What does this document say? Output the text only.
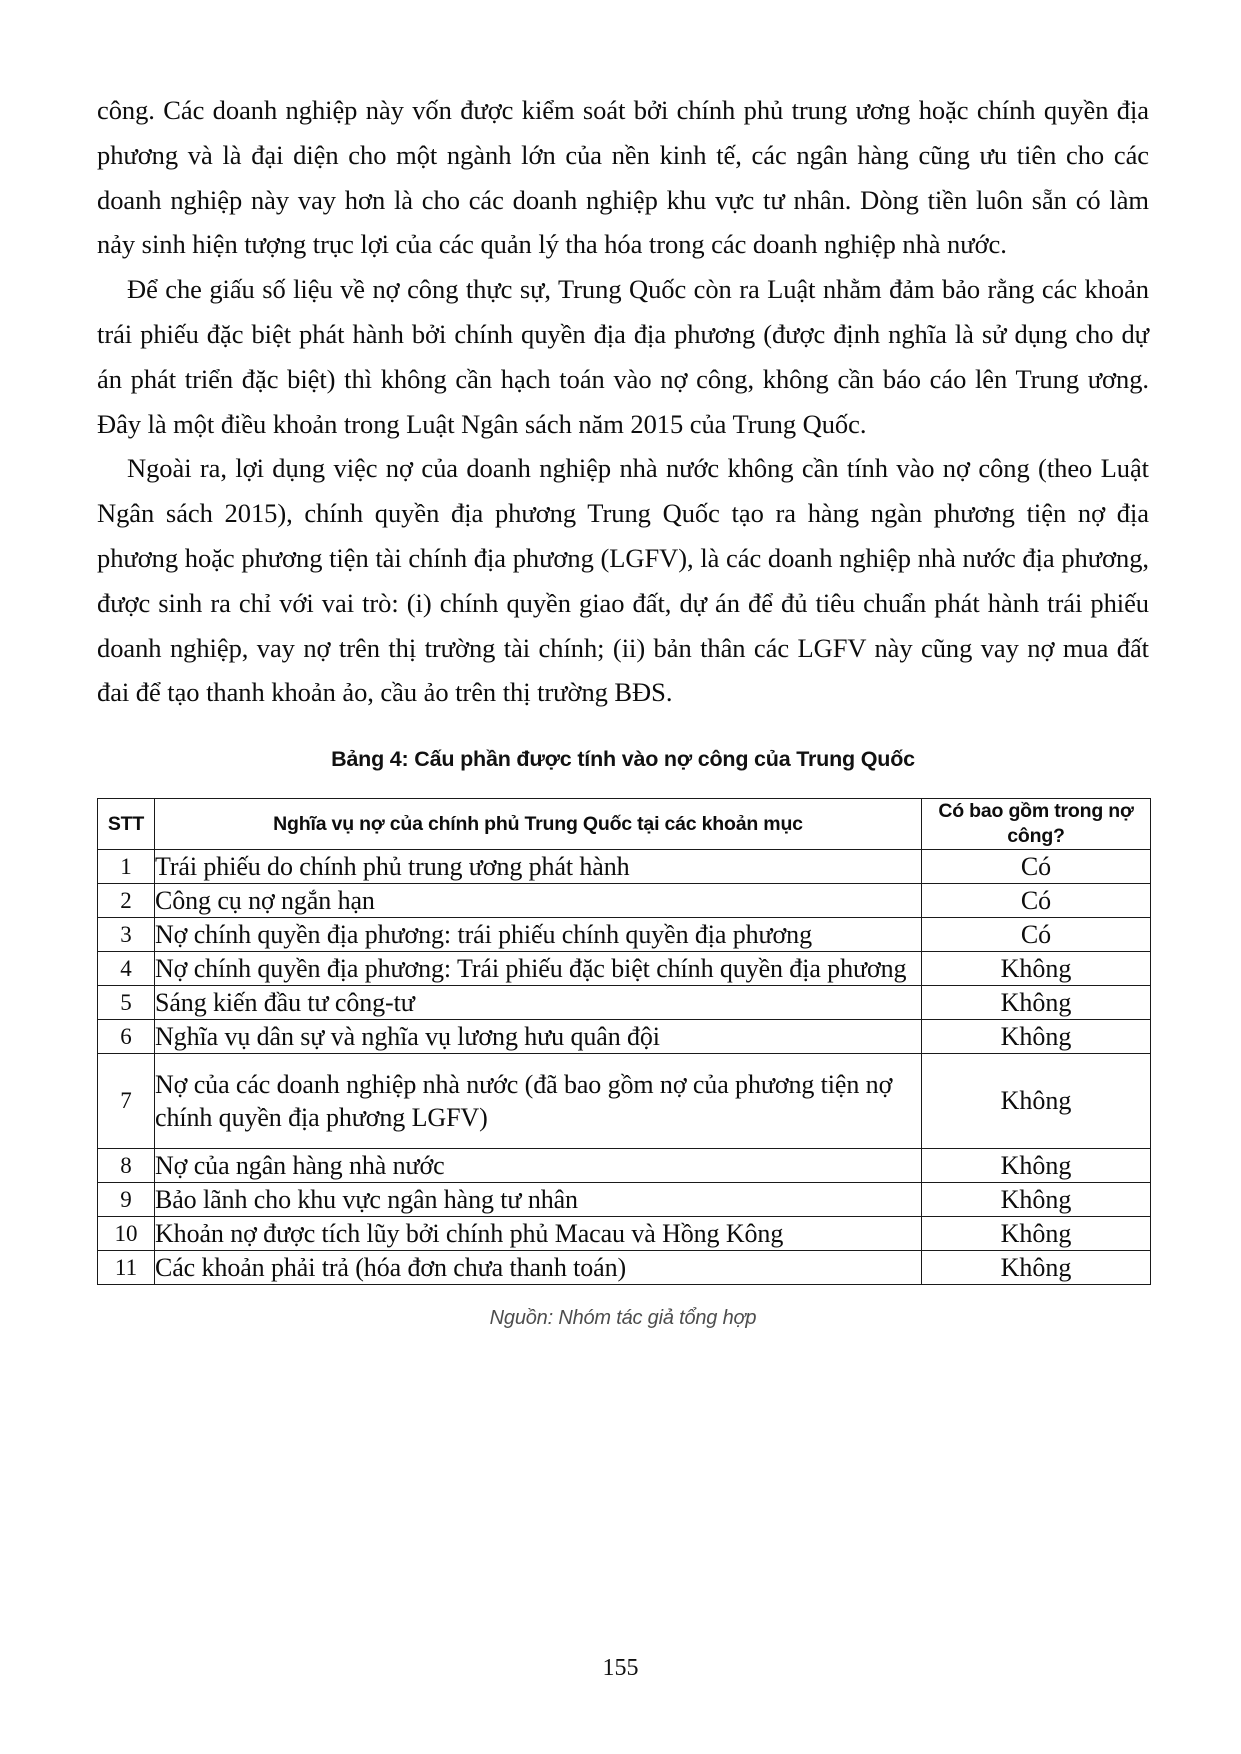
công. Các doanh nghiệp này vốn được kiểm soát bởi chính phủ trung ương hoặc chính quyền địa phương và là đại diện cho một ngành lớn của nền kinh tế, các ngân hàng cũng ưu tiên cho các doanh nghiệp này vay hơn là cho các doanh nghiệp khu vực tư nhân. Dòng tiền luôn sẵn có làm nảy sinh hiện tượng trục lợi của các quản lý tha hóa trong các doanh nghiệp nhà nước.

Để che giấu số liệu về nợ công thực sự, Trung Quốc còn ra Luật nhằm đảm bảo rằng các khoản trái phiếu đặc biệt phát hành bởi chính quyền địa địa phương (được định nghĩa là sử dụng cho dự án phát triển đặc biệt) thì không cần hạch toán vào nợ công, không cần báo cáo lên Trung ương. Đây là một điều khoản trong Luật Ngân sách năm 2015 của Trung Quốc.

Ngoài ra, lợi dụng việc nợ của doanh nghiệp nhà nước không cần tính vào nợ công (theo Luật Ngân sách 2015), chính quyền địa phương Trung Quốc tạo ra hàng ngàn phương tiện nợ địa phương hoặc phương tiện tài chính địa phương (LGFV), là các doanh nghiệp nhà nước địa phương, được sinh ra chỉ với vai trò: (i) chính quyền giao đất, dự án để đủ tiêu chuẩn phát hành trái phiếu doanh nghiệp, vay nợ trên thị trường tài chính; (ii) bản thân các LGFV này cũng vay nợ mua đất đai để tạo thanh khoản ảo, cầu ảo trên thị trường BĐS.

Bảng 4: Cấu phần được tính vào nợ công của Trung Quốc
STT	Nghĩa vụ nợ của chính phủ Trung Quốc tại các khoản mục	Có bao gồm trong nợ công?
1	Trái phiếu do chính phủ trung ương phát hành	Có
2	Công cụ nợ ngắn hạn	Có
3	Nợ chính quyền địa phương: trái phiếu chính quyền địa phương	Có
4	Nợ chính quyền địa phương: Trái phiếu đặc biệt chính quyền địa phương	Không
5	Sáng kiến đầu tư công-tư	Không
6	Nghĩa vụ dân sự và nghĩa vụ lương hưu quân đội	Không
7	Nợ của các doanh nghiệp nhà nước (đã bao gồm nợ của phương tiện nợ chính quyền địa phương LGFV)	Không
8	Nợ của ngân hàng nhà nước	Không
9	Bảo lãnh cho khu vực ngân hàng tư nhân	Không
10	Khoản nợ được tích lũy bởi chính phủ Macau và Hồng Kông	Không
11	Các khoản phải trả (hóa đơn chưa thanh toán)	Không
Nguồn: Nhóm tác giả tổng hợp
155
